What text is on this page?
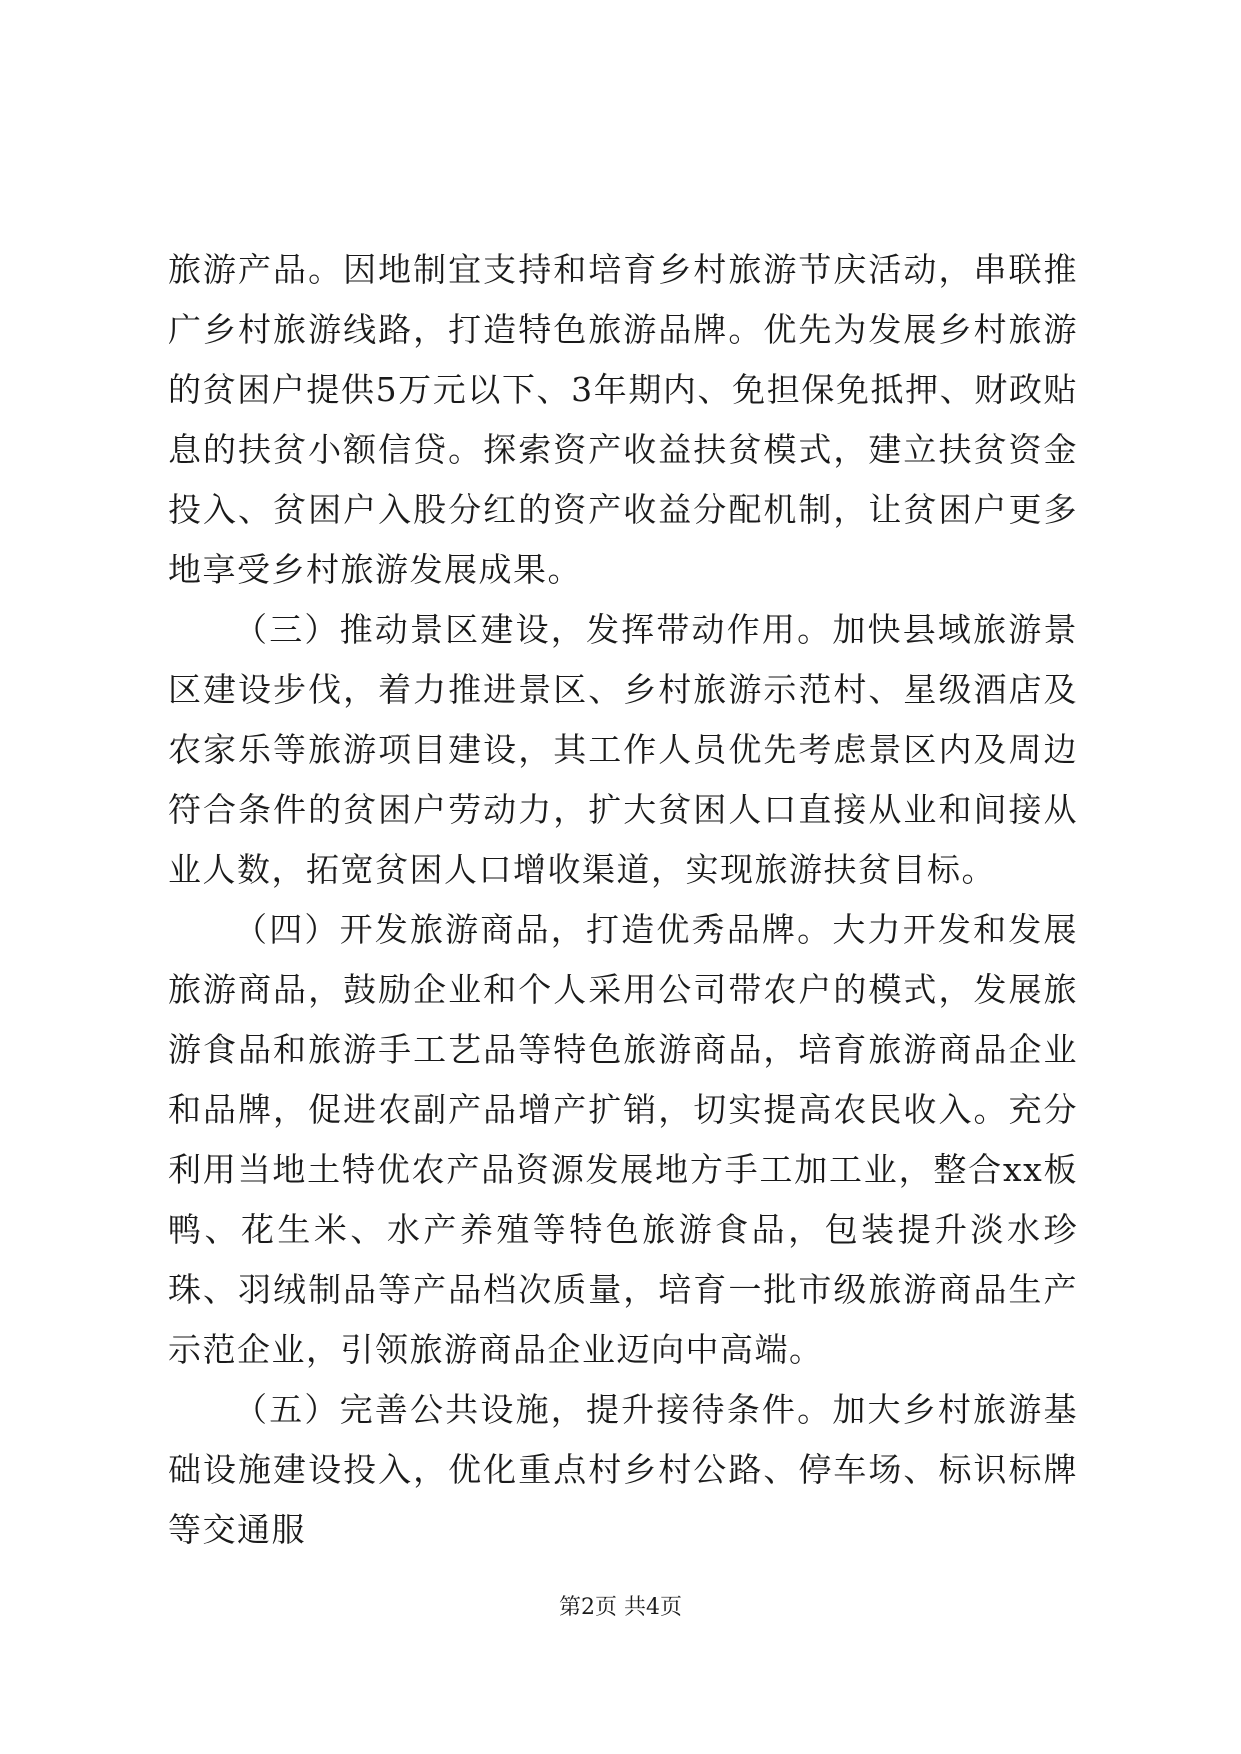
旅游产品。因地制宜支持和培育乡村旅游节庆活动，串联推广乡村旅游线路，打造特色旅游品牌。优先为发展乡村旅游的贫困户提供5万元以下、3年期内、免担保免抵押、财政贴息的扶贫小额信贷。探索资产收益扶贫模式，建立扶贫资金投入、贫困户入股分红的资产收益分配机制，让贫困户更多地享受乡村旅游发展成果。

（三）推动景区建设，发挥带动作用。加快县域旅游景区建设步伐，着力推进景区、乡村旅游示范村、星级酒店及农家乐等旅游项目建设，其工作人员优先考虑景区内及周边符合条件的贫困户劳动力，扩大贫困人口直接从业和间接从业人数，拓宽贫困人口增收渠道，实现旅游扶贫目标。

（四）开发旅游商品，打造优秀品牌。大力开发和发展旅游商品，鼓励企业和个人采用公司带农户的模式，发展旅游食品和旅游手工艺品等特色旅游商品，培育旅游商品企业和品牌，促进农副产品增产扩销，切实提高农民收入。充分利用当地土特优农产品资源发展地方手工加工业，整合xx板鸭、花生米、水产养殖等特色旅游食品，包装提升淡水珍珠、羽绒制品等产品档次质量，培育一批市级旅游商品生产示范企业，引领旅游商品企业迈向中高端。

（五）完善公共设施，提升接待条件。加大乡村旅游基础设施建设投入，优化重点村乡村公路、停车场、标识标牌等交通服

第2页 共4页
